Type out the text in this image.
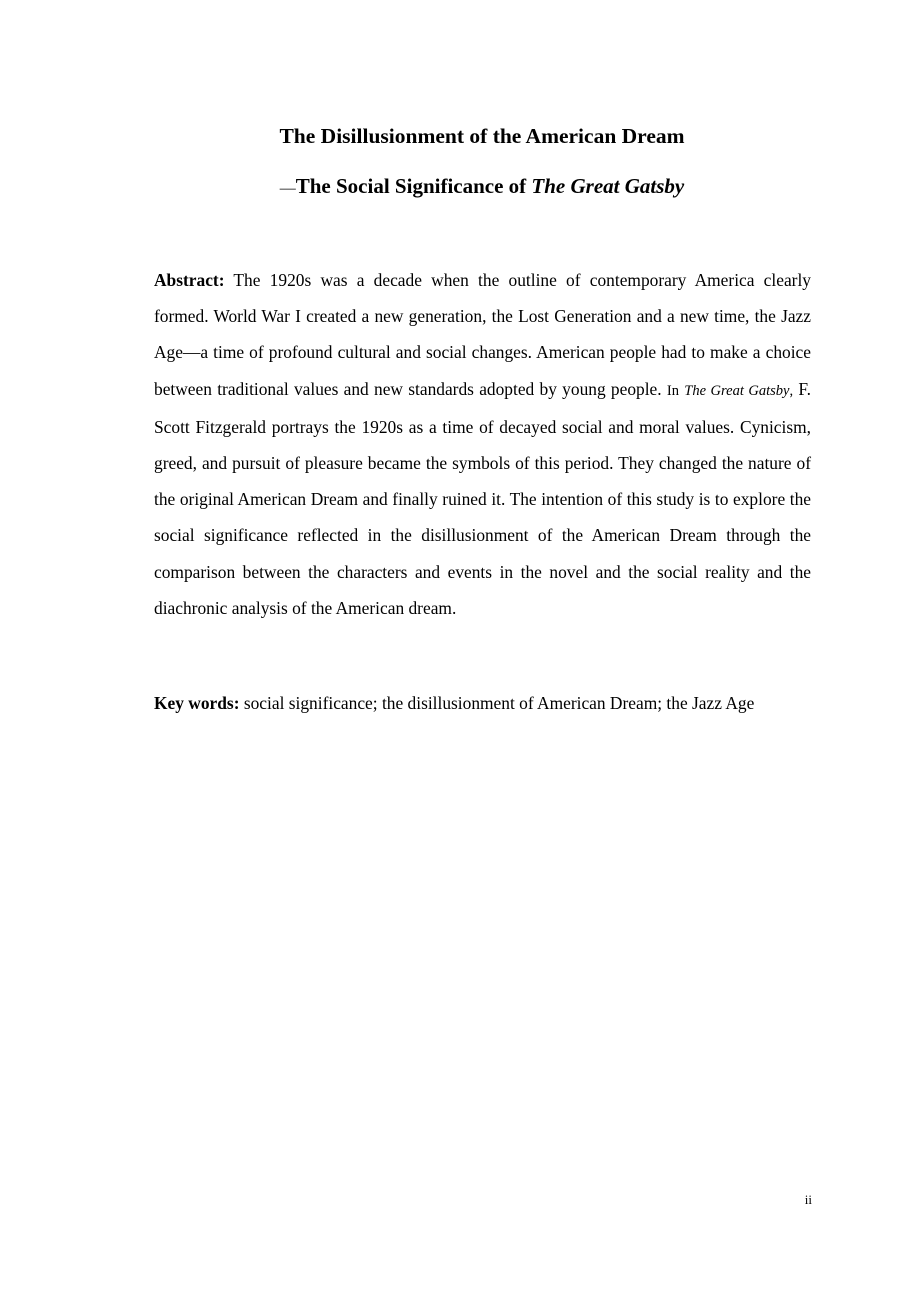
The Disillusionment of the American Dream
—The Social Significance of The Great Gatsby

Abstract: The 1920s was a decade when the outline of contemporary America clearly formed. World War I created a new generation, the Lost Generation and a new time, the Jazz Age—a time of profound cultural and social changes. American people had to make a choice between traditional values and new standards adopted by young people. In The Great Gatsby, F. Scott Fitzgerald portrays the 1920s as a time of decayed social and moral values. Cynicism, greed, and pursuit of pleasure became the symbols of this period. They changed the nature of the original American Dream and finally ruined it. The intention of this study is to explore the social significance reflected in the disillusionment of the American Dream through the comparison between the characters and events in the novel and the social reality and the diachronic analysis of the American dream.

Key words: social significance; the disillusionment of American Dream; the Jazz Age

ii
